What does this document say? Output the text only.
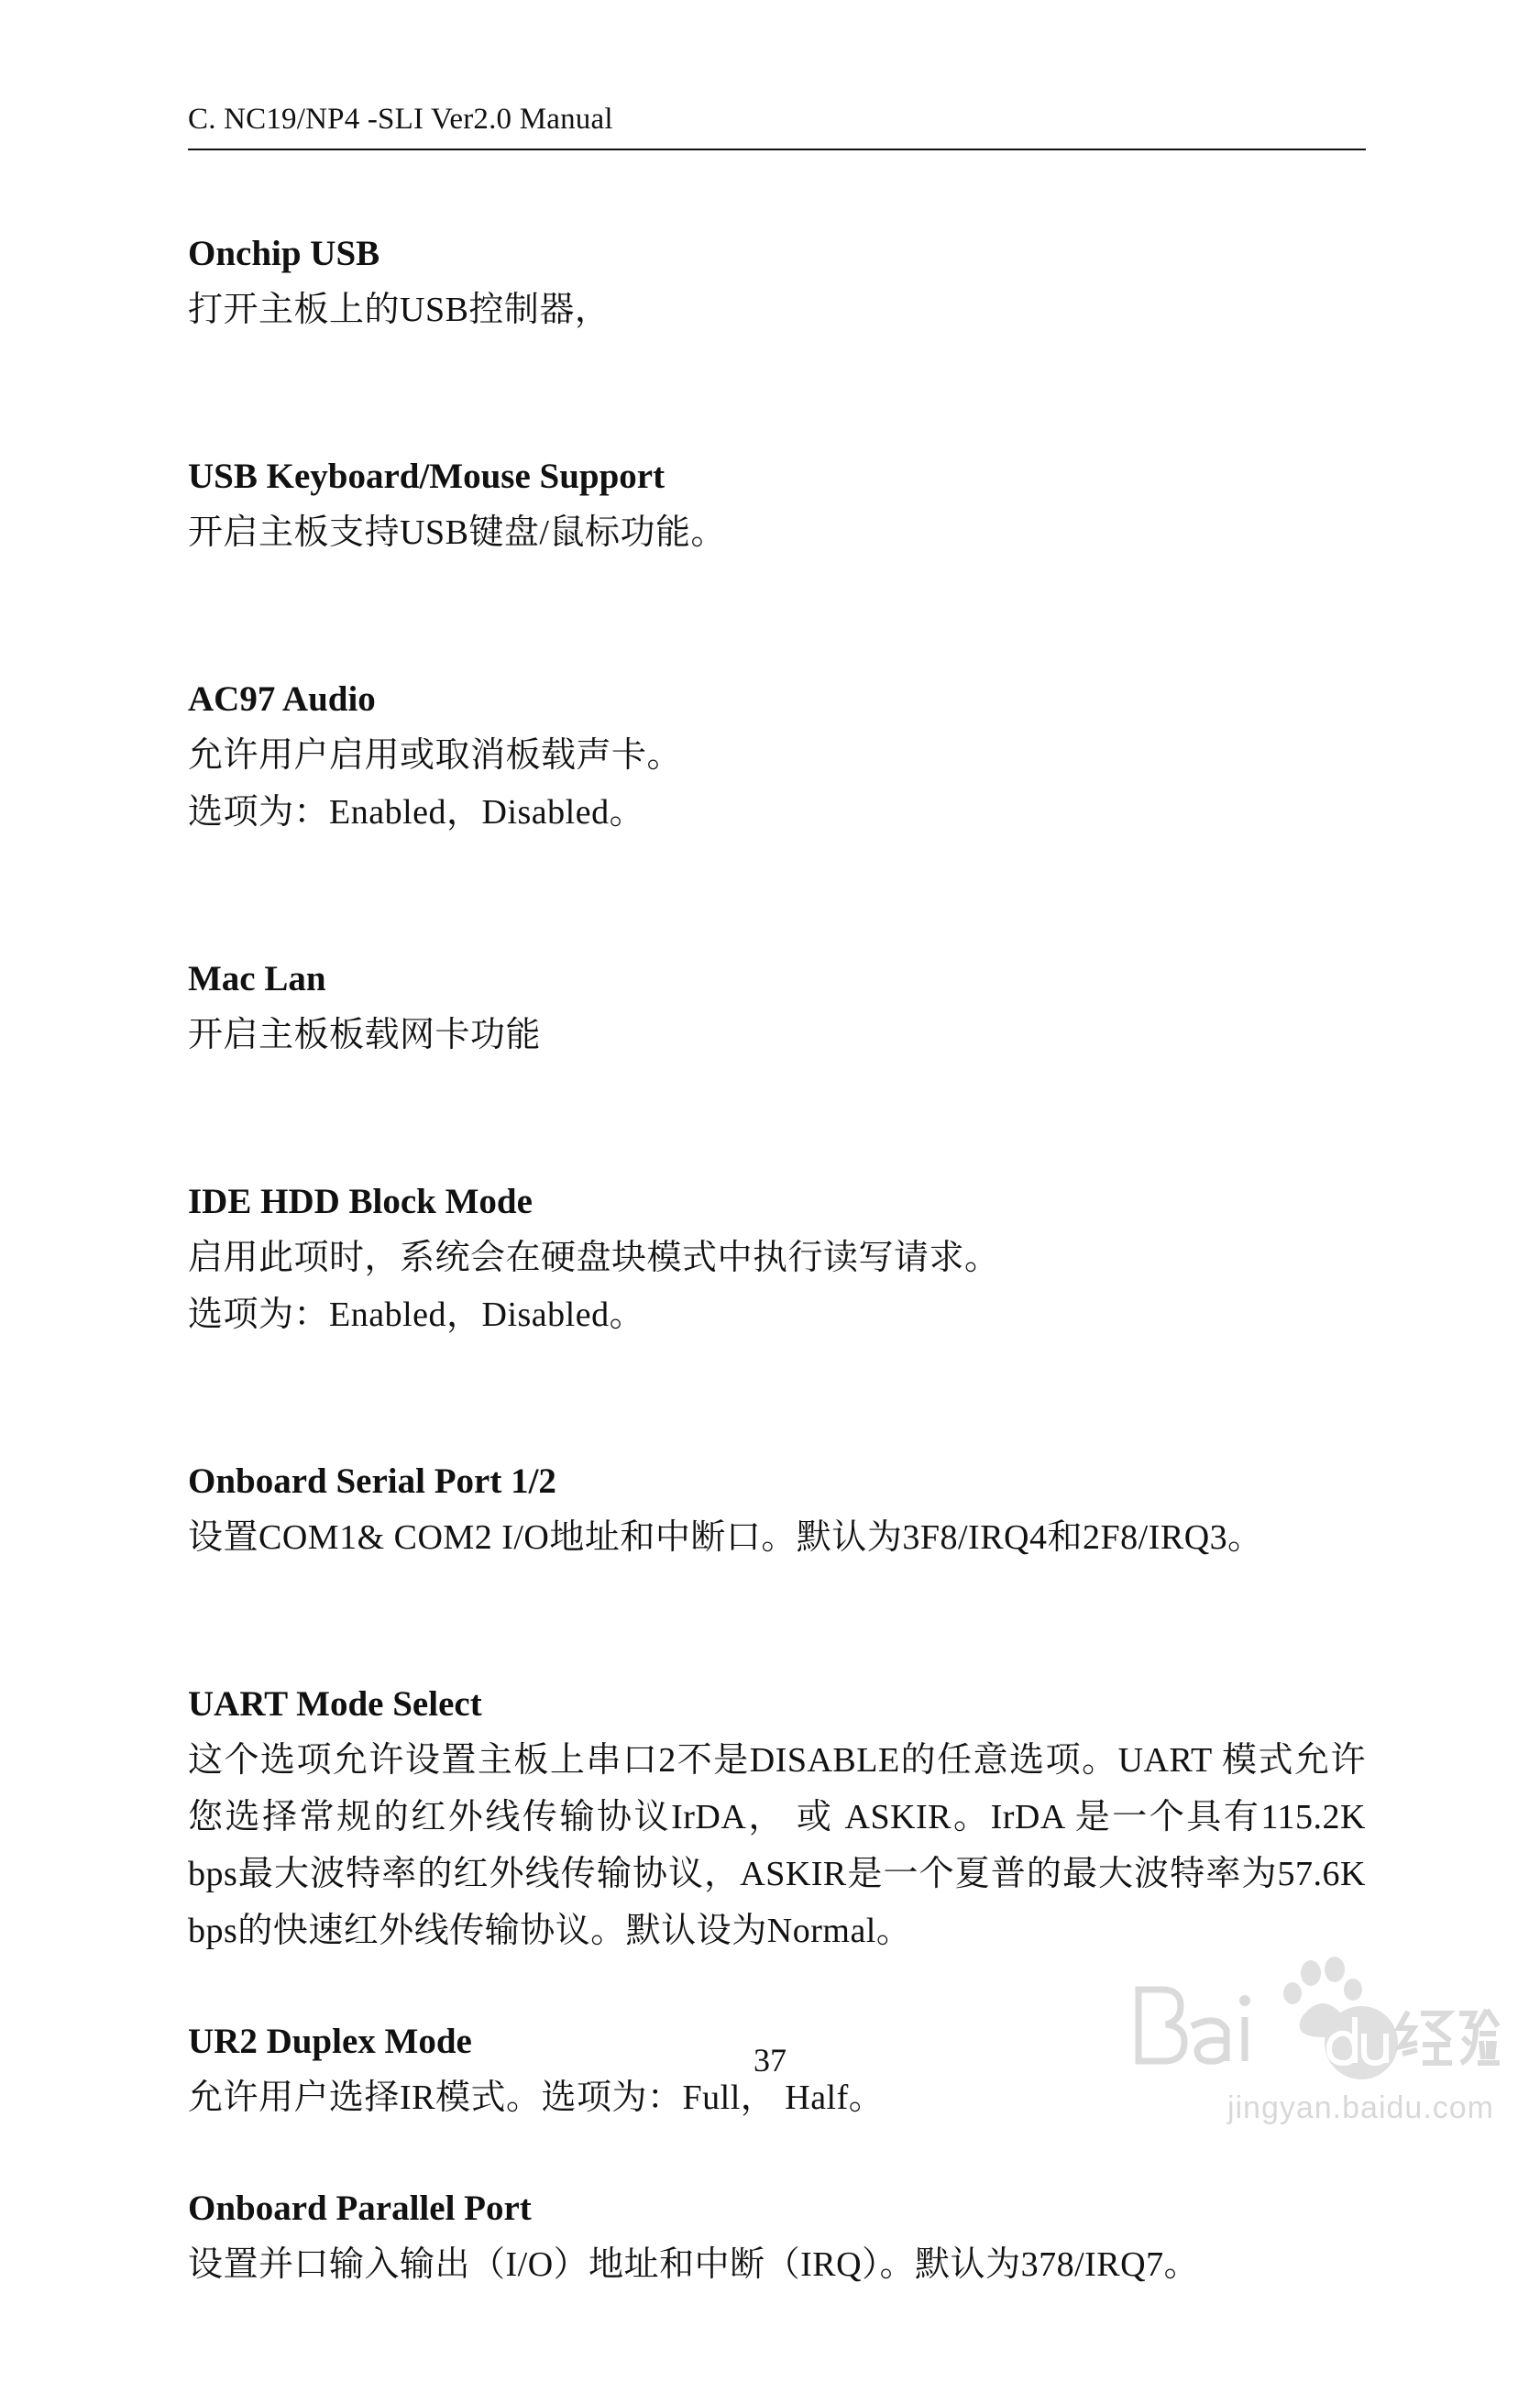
C. NC19/NP4 -SLI Ver2.0 Manual
Onchip USB

打开主板上的USB控制器，

USB Keyboard/Mouse Support

开启主板支持USB键盘/鼠标功能。

AC97 Audio

允许用户启用或取消板载声卡。

选项为：Enabled，Disabled。

Mac Lan

开启主板板载网卡功能

IDE HDD Block Mode

启用此项时，系统会在硬盘块模式中执行读写请求。

选项为：Enabled，Disabled。

Onboard Serial Port 1/2

设置COM1& COM2 I/O地址和中断口。默认为3F8/IRQ4和2F8/IRQ3。

UART Mode Select

这个选项允许设置主板上串口2不是DISABLE的任意选项。UART 模式允许您选择常规的红外线传输协议IrDA， 或 ASKIR。IrDA 是一个具有115.2K bps最大波特率的红外线传输协议，ASKIR是一个夏普的最大波特率为57.6K bps的快速红外线传输协议。默认设为Normal。

UR2 Duplex Mode

允许用户选择IR模式。选项为：Full， Half。

Onboard Parallel Port

设置并口输入输出（I/O）地址和中断（IRQ）。默认为378/IRQ7。

37
jingyan.baidu.com
